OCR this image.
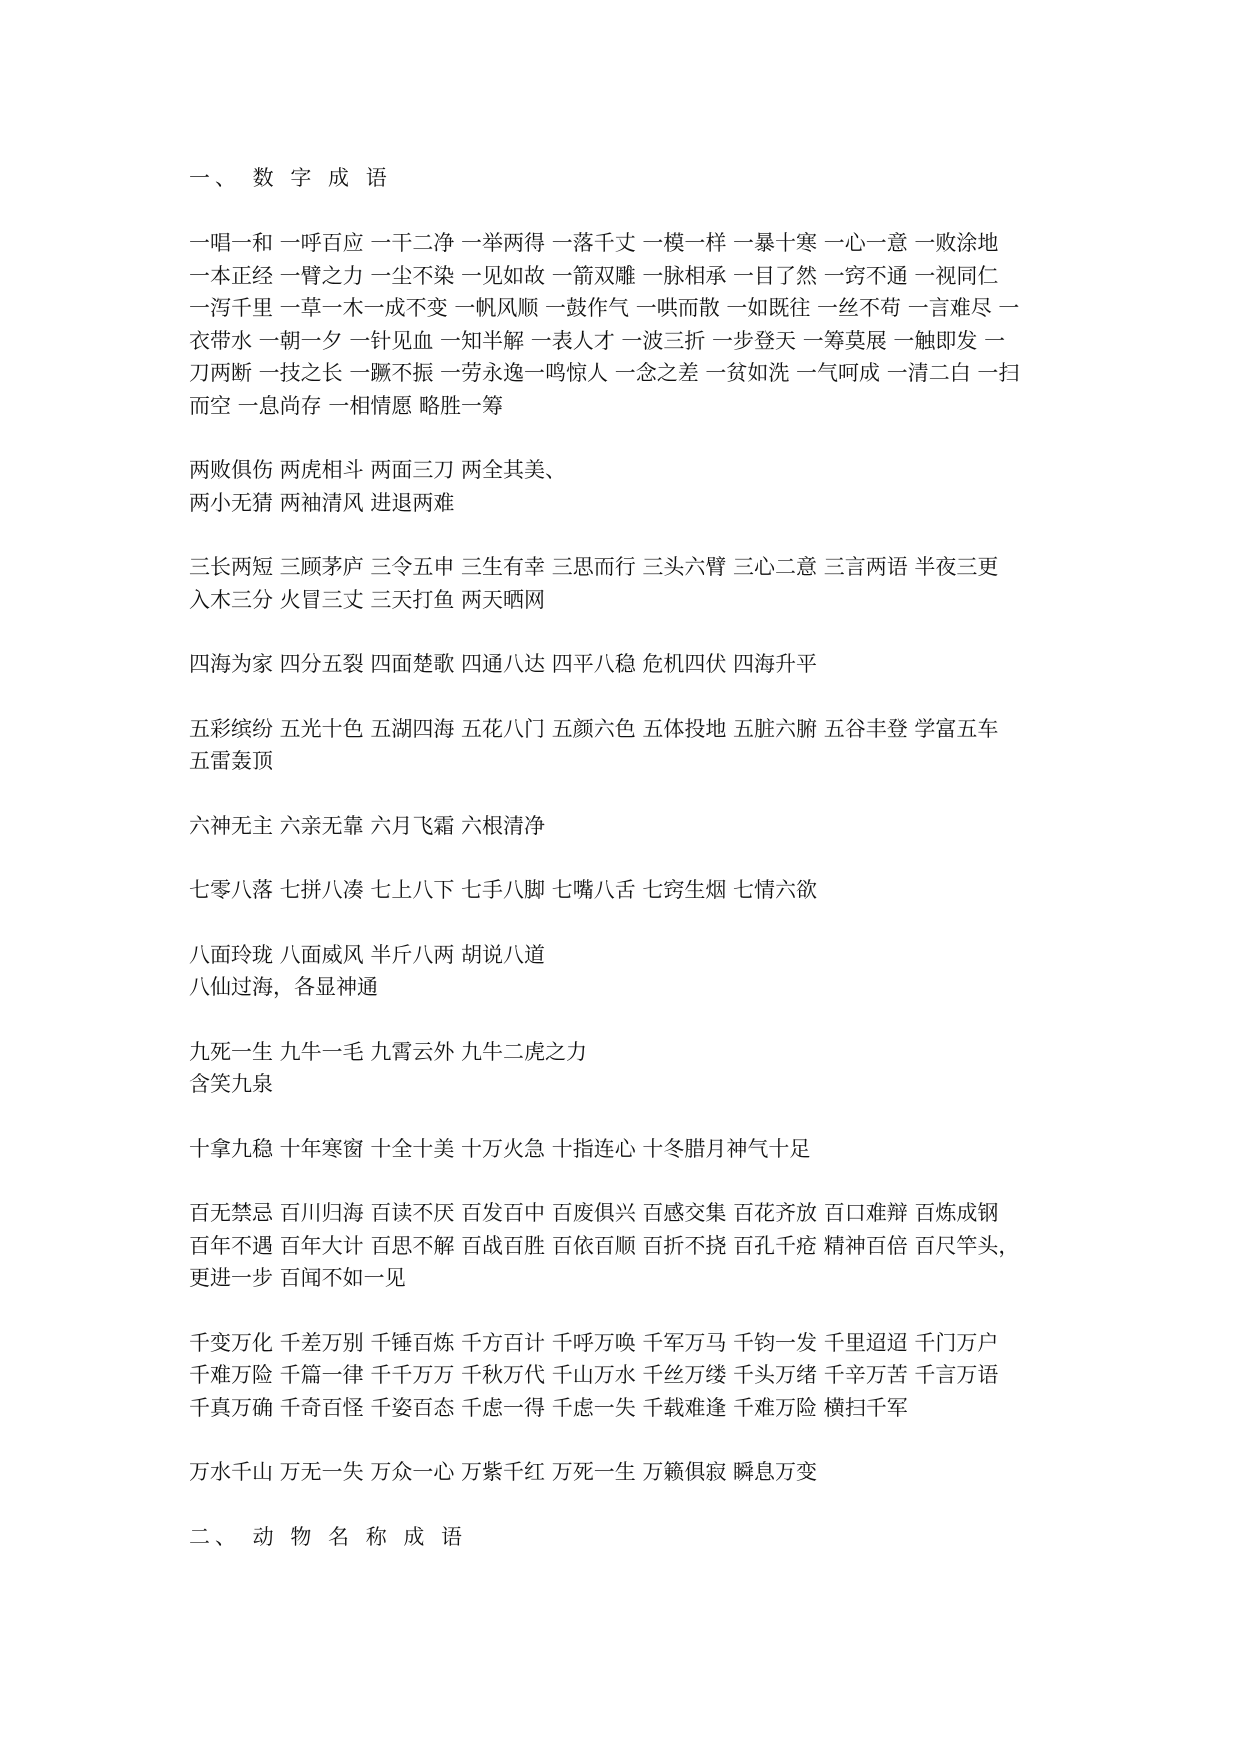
一、 数 字 成 语

一唱一和 一呼百应 一干二净 一举两得 一落千丈 一模一样 一暴十寒 一心一意 一败涂地
一本正经 一臂之力 一尘不染 一见如故 一箭双雕 一脉相承 一目了然 一窍不通 一视同仁
一泻千里 一草一木一成不变 一帆风顺 一鼓作气 一哄而散 一如既往 一丝不苟 一言难尽 一
衣带水 一朝一夕 一针见血 一知半解 一表人才 一波三折 一步登天 一筹莫展 一触即发 一
刀两断 一技之长 一蹶不振 一劳永逸一鸣惊人 一念之差 一贫如洗 一气呵成 一清二白 一扫
而空 一息尚存 一相情愿 略胜一筹

两败俱伤 两虎相斗 两面三刀 两全其美、
两小无猜 两袖清风 进退两难

三长两短 三顾茅庐 三令五申 三生有幸 三思而行 三头六臂 三心二意 三言两语 半夜三更
入木三分 火冒三丈 三天打鱼 两天晒网

四海为家 四分五裂 四面楚歌 四通八达 四平八稳 危机四伏 四海升平

五彩缤纷 五光十色 五湖四海 五花八门 五颜六色 五体投地 五脏六腑 五谷丰登 学富五车
五雷轰顶

六神无主 六亲无靠 六月飞霜 六根清净

七零八落 七拼八凑 七上八下 七手八脚 七嘴八舌 七窍生烟 七情六欲

八面玲珑 八面威风 半斤八两 胡说八道
八仙过海，各显神通

九死一生 九牛一毛 九霄云外 九牛二虎之力
含笑九泉

十拿九稳 十年寒窗 十全十美 十万火急 十指连心 十冬腊月神气十足

百无禁忌 百川归海 百读不厌 百发百中 百废俱兴 百感交集 百花齐放 百口难辩 百炼成钢
百年不遇 百年大计 百思不解 百战百胜 百依百顺 百折不挠 百孔千疮 精神百倍 百尺竿头，
更进一步 百闻不如一见

千变万化 千差万别 千锤百炼 千方百计 千呼万唤 千军万马 千钧一发 千里迢迢 千门万户
千难万险 千篇一律 千千万万 千秋万代 千山万水 千丝万缕 千头万绪 千辛万苦 千言万语
千真万确 千奇百怪 千姿百态 千虑一得 千虑一失 千载难逢 千难万险 横扫千军

万水千山 万无一失 万众一心 万紫千红 万死一生 万籁俱寂 瞬息万变

二、 动 物 名 称 成 语
